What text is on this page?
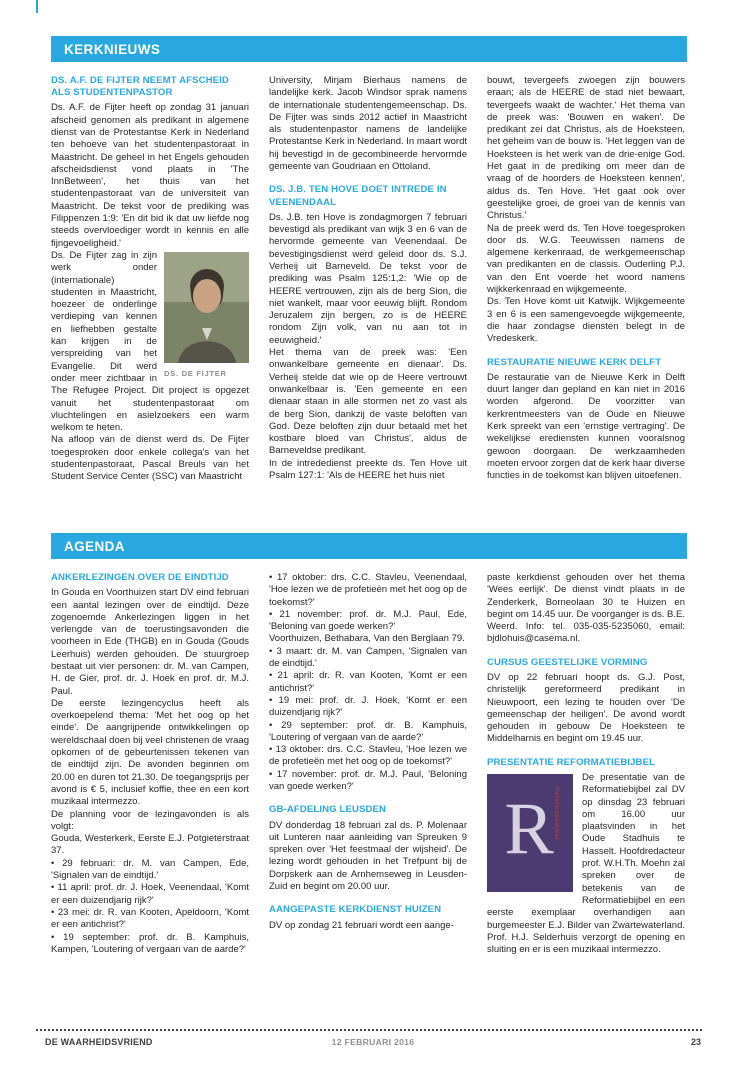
KERKNIEUWS
DS. A.F. DE FIJTER NEEMT AFSCHEID ALS STUDENTENPASTOR

Ds. A.F. de Fijter heeft op zondag 31 januari afscheid genomen als predikant in algemene dienst van de Protestantse Kerk in Nederland ten behoeve van het studentenpastoraat in Maastricht. De geheel in het Engels gehouden afscheidsdienst vond plaats in 'The InnBetween', het thuis van het studentenpastoraat van de universiteit van Maastricht. De tekst voor de prediking was Filippenzen 1:9: 'En dit bid ik dat uw liefde nog steeds overvloediger wordt in kennis en alle fijngevoeligheid.'

DS. DE FIJTER

Ds. De Fijter zag in zijn werk onder (internationale) studenten in Maastricht, hoezeer de onderlinge verdieping van kennen en liefhebben gestalte kan krijgen in de verspreiding van het Evangelie. Dit werd onder meer zichtbaar in The Refugee Project. Dit project is opgezet vanuit het studentenpastoraat om vluchtelingen en asielzoekers een warm welkom te heten.

Na afloop van de dienst werd ds. De Fijter toegesproken door enkele collega's van het studentenpastoraat, Pascal Breuls van het Student Service Center (SSC) van Maastricht

University, Mirjam Bierhaus namens de landelijke kerk. Jacob Windsor sprak namens de internationale studentengemeenschap. Ds. De Fijter was sinds 2012 actief in Maastricht als studentenpastor namens de landelijke Protestantse Kerk in Nederland. In maart wordt hij bevestigd in de gecombineerde hervormde gemeente van Goudriaan en Ottoland.

DS. J.B. TEN HOVE DOET INTREDE IN VEENENDAAL

Ds. J.B. ten Hove is zondagmorgen 7 februari bevestigd als predikant van wijk 3 en 6 van de hervormde gemeente van Veenendaal. De bevestigingsdienst werd geleid door ds. S.J. Verheij uit Barneveld. De tekst voor de prediking was Psalm 125:1,2: 'Wie op de HEERE vertrouwen, zijn als de berg Sion, die niet wankelt, maar voor eeuwig blijft. Rondom Jeruzalem zijn bergen, zo is de HEERE rondom Zijn volk, van nu aan tot in eeuwigheid.'

Het thema van de preek was: 'Een onwankelbare gemeente en dienaar'. Ds. Verheij stelde dat wie op de Heere vertrouwt onwankelbaar is. 'Een gemeente en een dienaar staan in alle stormen net zo vast als de berg Sion, dankzij de vaste beloften van God. Deze beloften zijn duur betaald met het kostbare bloed van Christus', aldus de Barneveldse predikant.

In de intrededienst preekte ds. Ten Hove uit Psalm 127:1: 'Als de HEERE het huis niet

bouwt, tevergeefs zwoegen zijn bouwers eraan; als de HEERE de stad niet bewaart, tevergeefs waakt de wachter.' Het thema van de preek was: 'Bouwen en waken'. De predikant zei dat Christus, als de Hoeksteen, het geheim van de bouw is. 'Het leggen van de Hoeksteen is het werk van de drie-enige God. Het gaat in de prediking om meer dan de vraag of de hoorders de Hoeksteen kennen', aldus ds. Ten Hove. 'Het gaat ook over geestelijke groei, de groei van de kennis van Christus.'

Na de preek werd ds. Ten Hove toegesproken door ds. W.G. Teeuwissen namens de algemene kerkenraad, de werkgemeenschap van predikanten en de classis. Ouderling P.J. van den Ent voerde het woord namens wijkkerkenraad en wijkgemeente.

Ds. Ten Hove komt uit Katwijk. Wijkgemeente 3 en 6 is een samengevoegde wijkgemeente, die haar zondagse diensten belegt in de Vredeskerk.

RESTAURATIE NIEUWE KERK DELFT

De restauratie van de Nieuwe Kerk in Delft duurt langer dan gepland en kan niet in 2016 worden afgerond. De voorzitter van kerkrentmeesters van de Oude en Nieuwe Kerk spreekt van een 'ernstige vertraging'. De wekelijkse erediensten kunnen vooralsnog gewoon doorgaan. De werkzaamheden moeten ervoor zorgen dat de kerk haar diverse functies in de toekomst kan blijven uitoefenen.

AGENDA
ANKERLEZINGEN OVER DE EINDTIJD

In Gouda en Voorthuizen start DV eind februari een aantal lezingen over de eindtijd. Deze zogenoemde Ankerlezingen liggen in het verlengde van de toerustingsavonden die voorheen in Ede (THGB) en in Gouda (Gouds Leerhuis) werden gehouden. De stuurgroep bestaat uit vier personen: dr. M. van Campen, H. de Gier, prof. dr. J. Hoek en prof. dr. M.J. Paul.

De eerste lezingencyclus heeft als overkoepelend thema: 'Met het oog op het einde'. De aangrijpende ontwikkelingen op wereldschaal doen bij veel christenen de vraag opkomen of de gebeurtenissen tekenen van de eindtijd zijn. De avonden beginnen om 20.00 en duren tot 21.30. De toegangsprijs per avond is € 5, inclusief koffie, thee en een kort muzikaal intermezzo.

De planning voor de lezingavonden is als volgt:

Gouda, Westerkerk, Eerste E.J. Potgieterstraat 37.
• 29 februari: dr. M. van Campen, Ede, 'Signalen van de eindtijd.'
• 11 april: prof. dr. J. Hoek, Veenendaal, 'Komt er een duizendjarig rijk?'
• 23 mei: dr. R. van Kooten, Apeldoorn, 'Komt er een antichrist?'
• 19 september: prof. dr. B. Kamphuis, Kampen, 'Loutering of vergaan van de aarde?'
• 17 oktober: drs. C.C. Stavleu, Veenendaal, 'Hoe lezen we de profetieën met het oog op de toekomst?'
• 21 november: prof. dr. M.J. Paul, Ede, 'Beloning van goede werken?'
Voorthuizen, Bethabara, Van den Berglaan 79.
• 3 maart: dr. M. van Campen, 'Signalen van de eindtijd.'
• 21 april: dr. R. van Kooten, 'Komt er een antichrist?'
• 19 mei: prof. dr. J. Hoek, 'Komt er een duizendjarig rijk?'
• 29 september: prof. dr. B. Kamphuis, 'Loutering of vergaan van de aarde?'
• 13 oktober: drs. C.C. Stavleu, 'Hoe lezen we de profetieën met het oog op de toekomst?'
• 17 november: prof. dr. M.J. Paul, 'Beloning van goede werken?'
GB-AFDELING LEUSDEN

DV donderdag 18 februari zal ds. P. Molenaar uit Lunteren naar aanleiding van Spreuken 9 spreken over 'Het feestmaal der wijsheid'. De lezing wordt gehouden in het Trefpunt bij de Dorpskerk aan de Arnhemseweg in Leusden-Zuid en begint om 20.00 uur.

AANGEPASTE KERKDIENST HUIZEN

DV op zondag 21 februari wordt een aange-

paste kerkdienst gehouden over het thema 'Wees eerlijk'. De dienst vindt plaats in de Zenderkerk, Borneolaan 30 te Huizen en begint om 14.45 uur. De voorganger is ds. B.E. Weerd. Info: tel. 035-035-5235060, email: bjdlohuis@casema.nl.

CURSUS GEESTELIJKE VORMING

DV op 22 februari hoopt ds. G.J. Post, christelijk gereformeerd predikant in Nieuwpoort, een lezing te houden over 'De gemeenschap der heiligen'. De avond wordt gehouden in gebouw De Hoeksteen te Middelharnis en begint om 19.45 uur.

PRESENTATIE REFORMATIEBIJBEL
R Reformatiebijbel

De presentatie van de Reformatiebijbel zal DV op dinsdag 23 februari om 16.00 uur plaatsvinden in het Oude Stadhuis te Hasselt. Hoofdredacteur prof. W.H.Th. Moehn zal spreken over de betekenis van de Reformatiebijbel en een eerste exemplaar overhandigen aan burgemeester E.J. Bilder van Zwartewaterland. Prof. H.J. Selderhuis verzorgt de opening en sluiting en er is een muzikaal intermezzo.

DE WAARHEIDSVRIEND	12 FEBRUARI 2016	23
